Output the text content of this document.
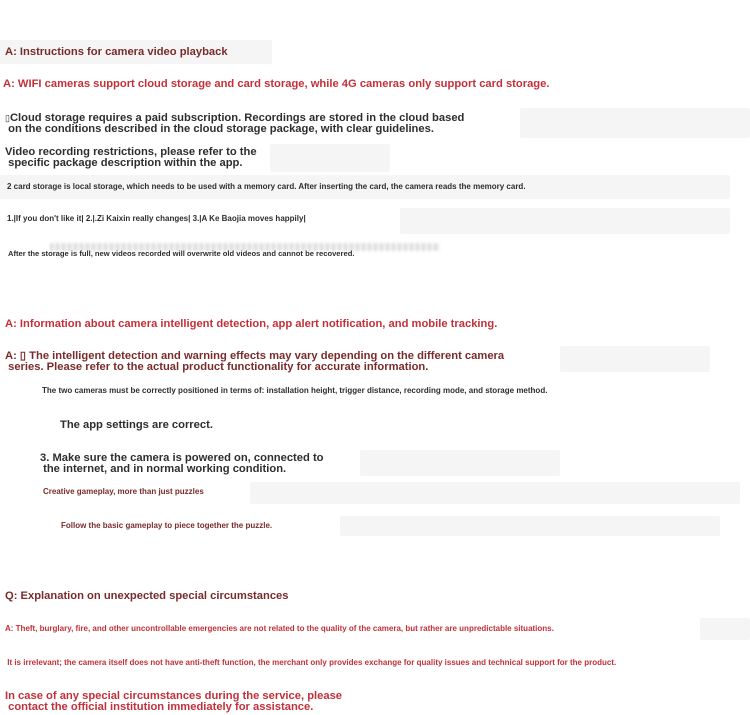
A: Instructions for camera video playback
A: WIFI cameras support cloud storage and card storage, while 4G cameras only support card storage.
▯Cloud storage requires a paid subscription. Recordings are stored in the cloud based
on the conditions described in the cloud storage package, with clear guidelines.
Video recording restrictions, please refer to the
specific package description within the app.
2 card storage is local storage, which needs to be used with a memory card. After inserting the card, the camera reads the memory card.
1.|If you don't like it| 2.|.Zi Kaixin really changes| 3.|A Ke Baojia moves happily|
After the storage is full, new videos recorded will overwrite old videos and cannot be recovered.
A: Information about camera intelligent detection, app alert notification, and mobile tracking.
A: ▯ The intelligent detection and warning effects may vary depending on the different camera
series. Please refer to the actual product functionality for accurate information.
The two cameras must be correctly positioned in terms of: installation height, trigger distance, recording mode, and storage method.
The app settings are correct.
3. Make sure the camera is powered on, connected to
the internet, and in normal working condition.
Creative gameplay, more than just puzzles
Follow the basic gameplay to piece together the puzzle.
Q: Explanation on unexpected special circumstances
A: Theft, burglary, fire, and other uncontrollable emergencies are not related to the quality of the camera, but rather are unpredictable situations.
It is irrelevant; the camera itself does not have anti-theft function, the merchant only provides exchange for quality issues and technical support for the product.
In case of any special circumstances during the service, please
contact the official institution immediately for assistance.
